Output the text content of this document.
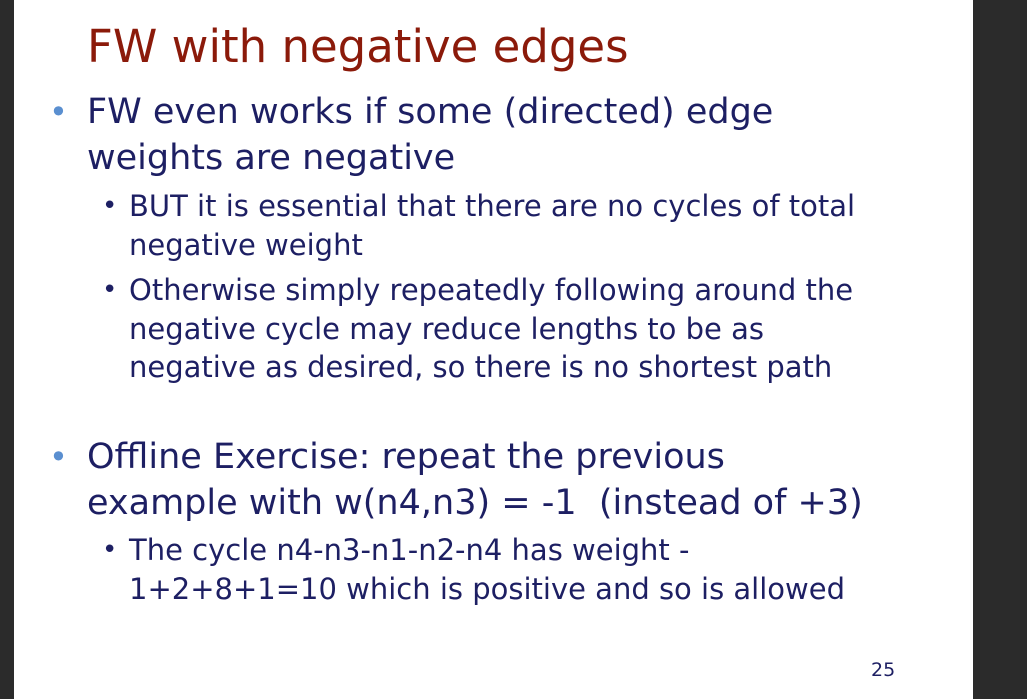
FW with negative edges
• FW even works if some (directed) edge
weights are negative
• BUT it is essential that there are no cycles of total
negative weight
• Otherwise simply repeatedly following around the
negative cycle may reduce lengths to be as
negative as desired, so there is no shortest path
• Offline Exercise: repeat the previous
example with w(n4,n3) = -1  (instead of +3)
• The cycle n4-n3-n1-n2-n4 has weight -
1+2+8+1=10 which is positive and so is allowed
25
